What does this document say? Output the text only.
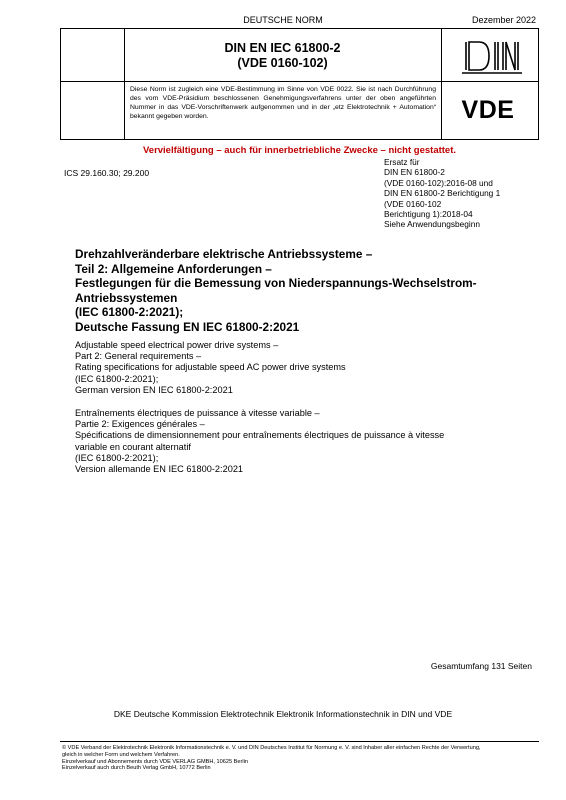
DEUTSCHE NORM	Dezember 2022
DIN EN IEC 61800-2
(VDE 0160-102)
Diese Norm ist zugleich eine VDE-Bestimmung im Sinne von VDE 0022. Sie ist nach Durchführung des vom VDE-Präsidium beschlossenen Genehmigungsverfahrens unter der oben angeführten Nummer in das VDE-Vorschriftenwerk aufgenommen und in der „etz Elektrotechnik + Automation“ bekannt gegeben worden.
DIN
VDE
Vervielfältigung – auch für innerbetriebliche Zwecke – nicht gestattet.
ICS 29.160.30; 29.200
Ersatz für
DIN EN 61800-2
(VDE 0160-102):2016-08 und
DIN EN 61800-2 Berichtigung 1
(VDE 0160-102
Berichtigung 1):2018-04
Siehe Anwendungsbeginn
Drehzahlveränderbare elektrische Antriebssysteme –
Teil 2: Allgemeine Anforderungen –
Festlegungen für die Bemessung von Niederspannungs-Wechselstrom-
Antriebssystemen
(IEC 61800-2:2021);
Deutsche Fassung EN IEC 61800-2:2021
Adjustable speed electrical power drive systems –
Part 2: General requirements –
Rating specifications for adjustable speed AC power drive systems
(IEC 61800-2:2021);
German version EN IEC 61800-2:2021
Entraînements électriques de puissance à vitesse variable –
Partie 2: Exigences générales –
Spécifications de dimensionnement pour entraînements électriques de puissance à vitesse
variable en courant alternatif
(IEC 61800-2:2021);
Version allemande EN IEC 61800-2:2021
Gesamtumfang 131 Seiten
DKE Deutsche Kommission Elektrotechnik Elektronik Informationstechnik in DIN und VDE
© VDE Verband der Elektrotechnik Elektronik Informationstechnik e. V. und DIN Deutsches Institut für Normung e. V. sind Inhaber aller einfachen Rechte der Verwertung,
gleich in welcher Form und welchem Verfahren.
Einzelverkauf und Abonnements durch VDE VERLAG GMBH, 10625 Berlin
Einzelverkauf auch durch Beuth Verlag GmbH, 10772 Berlin
